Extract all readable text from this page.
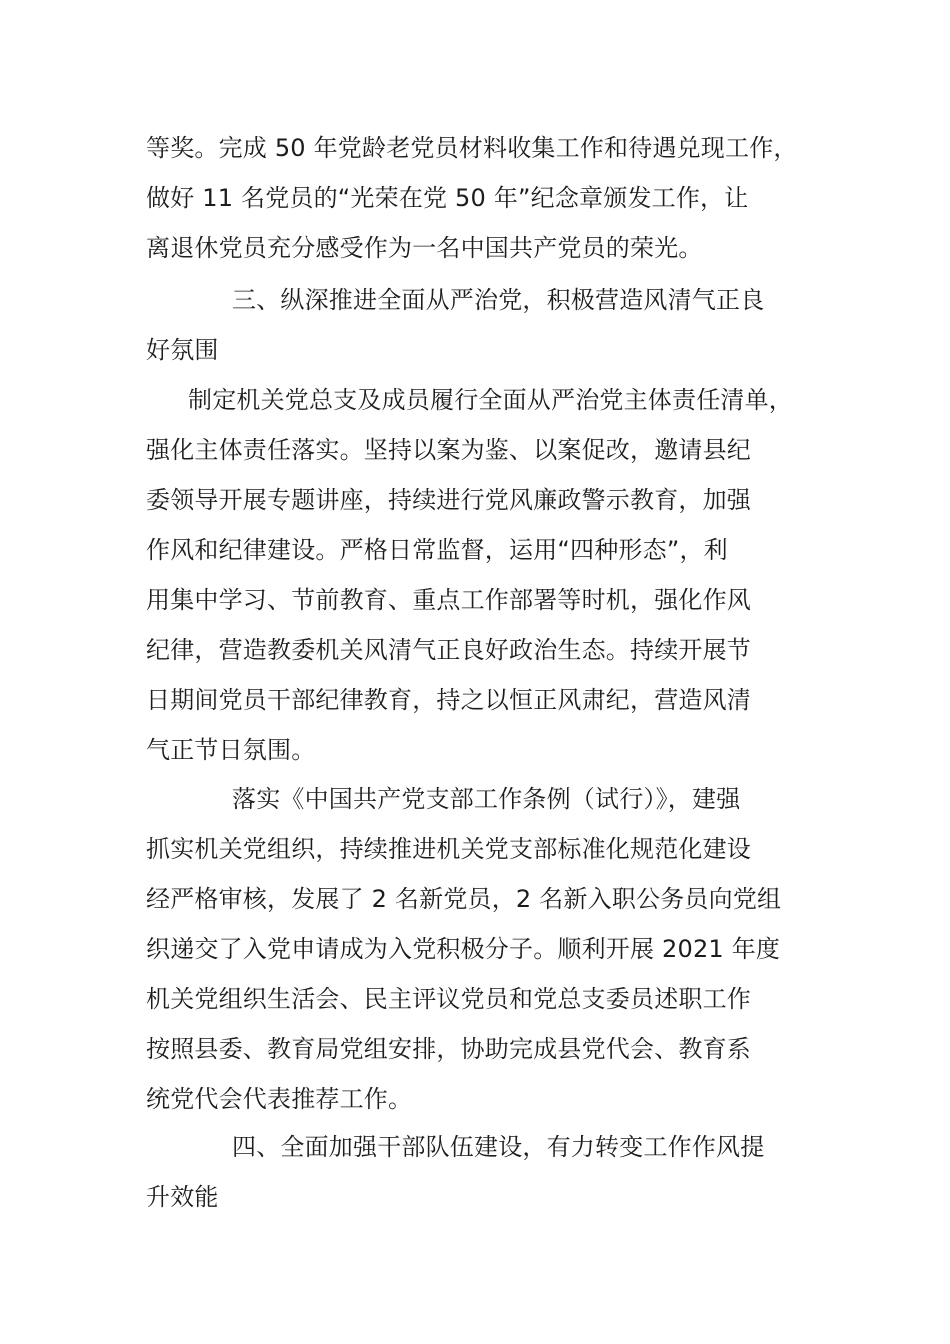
等奖。完成 50 年党龄老党员材料收集工作和待遇兑现工作，
做好 11 名党员的“光荣在党 50 年”纪念章颁发工作，让
离退休党员充分感受作为一名中国共产党员的荣光。
三、纵深推进全面从严治党，积极营造风清气正良
好氛围
制定机关党总支及成员履行全面从严治党主体责任清单，
强化主体责任落实。坚持以案为鉴、以案促改，邀请县纪
委领导开展专题讲座，持续进行党风廉政警示教育，加强
作风和纪律建设。严格日常监督，运用“四种形态”，利
用集中学习、节前教育、重点工作部署等时机，强化作风
纪律，营造教委机关风清气正良好政治生态。持续开展节
日期间党员干部纪律教育，持之以恒正风肃纪，营造风清
气正节日氛围。
落实《中国共产党支部工作条例（试行）》，建强
抓实机关党组织，持续推进机关党支部标准化规范化建设
经严格审核，发展了 2 名新党员，2 名新入职公务员向党组
织递交了入党申请成为入党积极分子。顺利开展 2021 年度
机关党组织生活会、民主评议党员和党总支委员述职工作
按照县委、教育局党组安排，协助完成县党代会、教育系
统党代会代表推荐工作。
四、全面加强干部队伍建设，有力转变工作作风提
升效能
